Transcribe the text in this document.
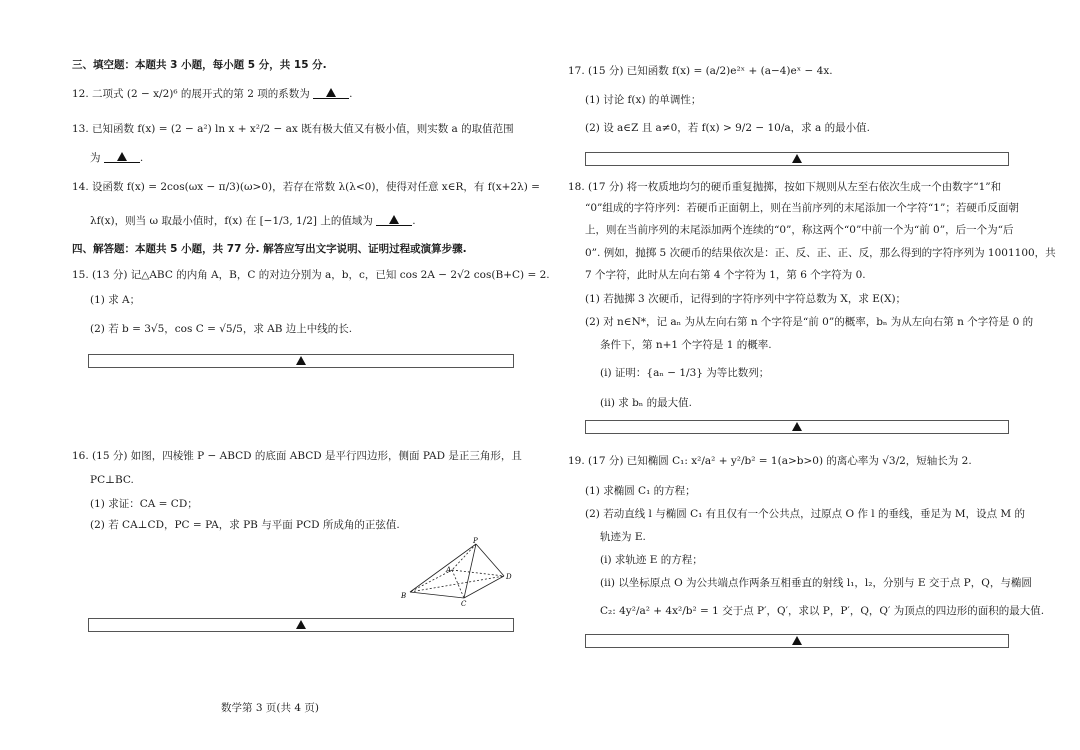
三、填空题：本题共 3 小题，每小题 5 分，共 15 分.
12. 二项式 (2 − x/2)⁶ 的展开式的第 2 项的系数为	.
13. 已知函数 f(x) = (2 − a²) ln x + x²/2 − ax 既有极大值又有极小值，则实数 a 的取值范围
为	.
14. 设函数 f(x) = 2cos(ωx − π/3)(ω>0)，若存在常数 λ(λ<0)，使得对任意 x∈R，有 f(x+2λ) =
λf(x)，则当 ω 取最小值时，f(x) 在 [−1/3, 1/2] 上的值域为	.
四、解答题：本题共 5 小题，共 77 分. 解答应写出文字说明、证明过程或演算步骤.
15. (13 分) 记△ABC 的内角 A，B，C 的对边分别为 a，b，c，已知 cos 2A − 2√2 cos(B+C) = 2.
(1) 求 A；
(2) 若 b = 3√5，cos C = √5/5，求 AB 边上中线的长.
16. (15 分) 如图，四棱锥 P − ABCD 的底面 ABCD 是平行四边形，侧面 PAD 是正三角形，且
PC⊥BC.
(1) 求证：CA = CD；
(2) 若 CA⊥CD，PC = PA，求 PB 与平面 PCD 所成角的正弦值.
P
A
B
C
D
数学第 3 页(共 4 页)
17. (15 分) 已知函数 f(x) = (a/2)e²ˣ + (a−4)eˣ − 4x.
(1) 讨论 f(x) 的单调性；
(2) 设 a∈Z 且 a≠0，若 f(x) > 9/2 − 10/a，求 a 的最小值.
18. (17 分) 将一枚质地均匀的硬币重复抛掷，按如下规则从左至右依次生成一个由数字“1”和
“0”组成的字符序列：若硬币正面朝上，则在当前序列的末尾添加一个字符“1”；若硬币反面朝
上，则在当前序列的末尾添加两个连续的“0”，称这两个“0”中前一个为“前 0”，后一个为“后
0”. 例如，抛掷 5 次硬币的结果依次是：正、反、正、正、反，那么得到的字符序列为 1001100，共
7 个字符，此时从左向右第 4 个字符为 1，第 6 个字符为 0.
(1) 若抛掷 3 次硬币，记得到的字符序列中字符总数为 X，求 E(X)；
(2) 对 n∈N*，记 aₙ 为从左向右第 n 个字符是“前 0”的概率，bₙ 为从左向右第 n 个字符是 0 的
条件下，第 n+1 个字符是 1 的概率.
(i) 证明：{aₙ − 1/3} 为等比数列；
(ii) 求 bₙ 的最大值.
19. (17 分) 已知椭圆 C₁: x²/a² + y²/b² = 1(a>b>0) 的离心率为 √3/2，短轴长为 2.
(1) 求椭圆 C₁ 的方程；
(2) 若动直线 l 与椭圆 C₁ 有且仅有一个公共点，过原点 O 作 l 的垂线，垂足为 M，设点 M 的
轨迹为 E.
(i) 求轨迹 E 的方程；
(ii) 以坐标原点 O 为公共端点作两条互相垂直的射线 l₁，l₂，分别与 E 交于点 P，Q，与椭圆
C₂: 4y²/a² + 4x²/b² = 1 交于点 P′，Q′，求以 P，P′，Q，Q′ 为顶点的四边形的面积的最大值.
